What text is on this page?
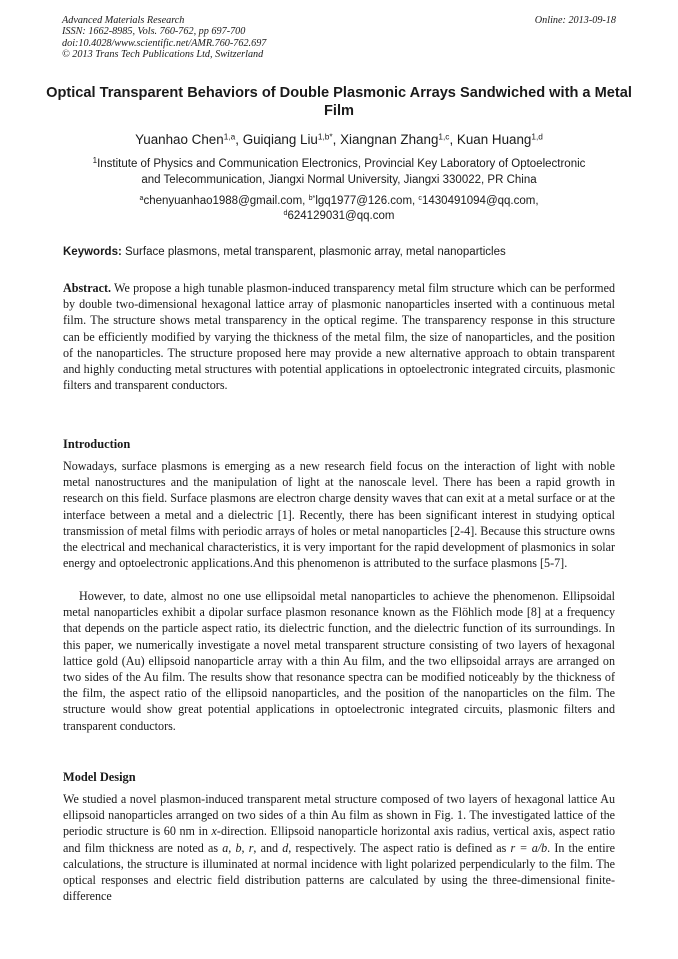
Advanced Materials Research
ISSN: 1662-8985, Vols. 760-762, pp 697-700
doi:10.4028/www.scientific.net/AMR.760-762.697
© 2013 Trans Tech Publications Ltd, Switzerland
Online: 2013-09-18
Optical Transparent Behaviors of Double Plasmonic Arrays Sandwiched with a Metal Film
Yuanhao Chen$^{1,a}$, Guiqiang Liu$^{1,b*}$, Xiangnan Zhang$^{1,c}$, Kuan Huang$^{1,d}$
$^1$Institute of Physics and Communication Electronics, Provincial Key Laboratory of Optoelectronic
and Telecommunication, Jiangxi Normal University, Jiangxi 330022, PR China
$^a$chenyuanhao1988@gmail.com, $^{b*}$lgq1977@126.com, $^c$1430491094@qq.com,
$^d$624129031@qq.com
Keywords: Surface plasmons, metal transparent, plasmonic array, metal nanoparticles
Abstract. We propose a high tunable plasmon-induced transparency metal film structure which can be performed by double two-dimensional hexagonal lattice array of plasmonic nanoparticles inserted with a continuous metal film. The structure shows metal transparency in the optical regime. The transparency response in this structure can be efficiently modified by varying the thickness of the metal film, the size of nanoparticles, and the position of the nanoparticles. The structure proposed here may provide a new alternative approach to obtain transparent and highly conducting metal structures with potential applications in optoelectronic integrated circuits, plasmonic filters and transparent conductors.
Introduction
Nowadays, surface plasmons is emerging as a new research field focus on the interaction of light with noble metal nanostructures and the manipulation of light at the nanoscale level. There has been a rapid growth in research on this field. Surface plasmons are electron charge density waves that can exit at a metal surface or at the interface between a metal and a dielectric [1]. Recently, there has been significant interest in studying optical transmission of metal films with periodic arrays of holes or metal nanoparticles [2-4]. Because this structure owns the electrical and mechanical characteristics, it is very important for the rapid development of plasmonics in solar energy and optoelectronic applications.And this phenomenon is attributed to the surface plasmons [5-7].
However, to date, almost no one use ellipsoidal metal nanoparticles to achieve the phenomenon. Ellipsoidal metal nanoparticles exhibit a dipolar surface plasmon resonance known as the Flöhlich mode [8] at a frequency that depends on the particle aspect ratio, its dielectric function, and the dielectric function of its surroundings. In this paper, we numerically investigate a novel metal transparent structure consisting of two layers of hexagonal lattice gold (Au) ellipsoid nanoparticle array with a thin Au film, and the two ellipsoidal arrays are arranged on two sides of the Au film. The results show that resonance spectra can be modified noticeably by the thickness of the film, the aspect ratio of the ellipsoid nanoparticles, and the position of the nanoparticles on the film. The structure would show great potential applications in optoelectronic integrated circuits, plasmonic filters and transparent conductors.
Model Design
We studied a novel plasmon-induced transparent metal structure composed of two layers of hexagonal lattice Au ellipsoid nanoparticles arranged on two sides of a thin Au film as shown in Fig. 1. The investigated lattice of the periodic structure is 60 nm in x-direction. Ellipsoid nanoparticle horizontal axis radius, vertical axis, aspect ratio and film thickness are noted as a, b, r, and d, respectively. The aspect ratio is defined as r = a/b. In the entire calculations, the structure is illuminated at normal incidence with light polarized perpendicularly to the film. The optical responses and electric field distribution patterns are calculated by using the three-dimensional finite-difference
